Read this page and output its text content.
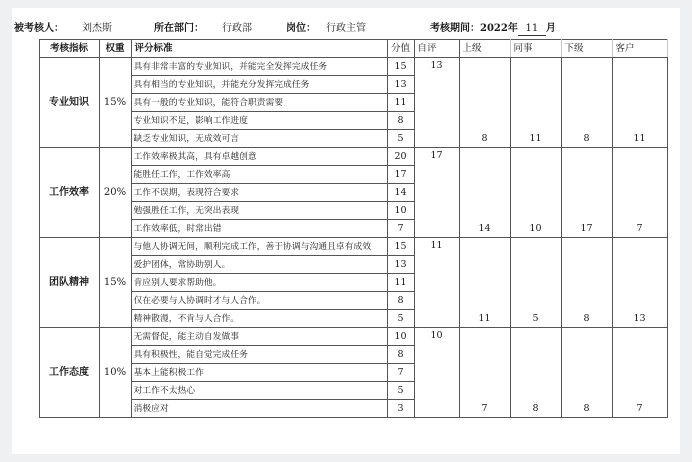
被考核人： 刘杰斯	所在部门： 行政部	岗位： 行政主管	考核期间：2022年 11 月
	考核指标	权重	评分标准	分值	自评	上级	同事	下级	客户
	专业知识	15%	具有非常丰富的专业知识，并能完全发挥完成任务	15	13	8	11	8	11
			具有相当的专业知识，并能充分发挥完成任务	13					
			具有一般的专业知识，能符合职责需要	11					
			专业知识不足，影响工作进度	8					
			缺乏专业知识，无成效可言	5					
	工作效率	20%	工作效率极其高，具有卓越创意	20	17	14	10	17	7
			能胜任工作，工作效率高	17					
			工作不误期，表现符合要求	14					
			勉强胜任工作，无突出表现	10					
			工作效率低，时常出错	7					
	团队精神	15%	与他人协调无间，顺利完成工作，善于协调与沟通且卓有成效	15	11	11	5	8	13
			爱护团体，常协助别人。	13					
			肯应别人要求帮助他。	11					
			仅在必要与人协调时才与人合作。	8					
			精神散漫，不肯与人合作。	5					
	工作态度	10%	无需督促，能主动自发做事	10	10	7	8	8	7
			具有积极性，能自觉完成任务	8					
			基本上能积极工作	7					
			对工作不太热心	5					
			消极应对	3					
